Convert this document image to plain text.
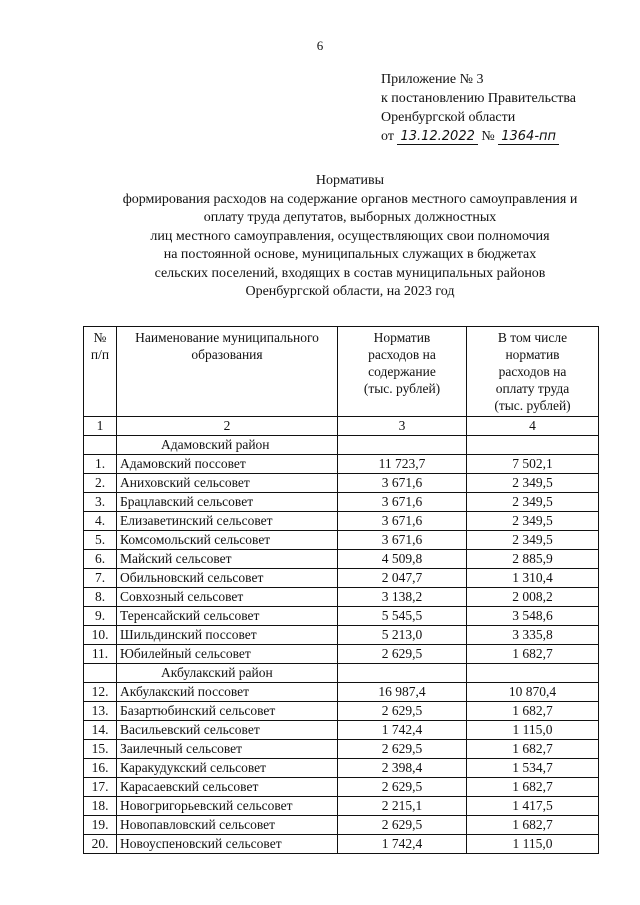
6
Приложение № 3
к постановлению Правительства
Оренбургской области
от 13.12.2022 № 1364-пп
Нормативы
формирования расходов на содержание органов местного самоуправления и
оплату труда депутатов, выборных должностных
лиц местного самоуправления, осуществляющих свои полномочия
на постоянной основе, муниципальных служащих в бюджетах
сельских поселений, входящих в состав муниципальных районов
Оренбургской области, на 2023 год
№ п/п	Наименование муниципального образования	Норматив расходов на содержание (тыс. рублей)	В том числе норматив расходов на оплату труда (тыс. рублей)
1	2	3	4
	Адамовский район		
1.	Адамовский поссовет	11 723,7	7 502,1
2.	Аниховский сельсовет	3 671,6	2 349,5
3.	Брацлавский сельсовет	3 671,6	2 349,5
4.	Елизаветинский сельсовет	3 671,6	2 349,5
5.	Комсомольский сельсовет	3 671,6	2 349,5
6.	Майский сельсовет	4 509,8	2 885,9
7.	Обильновский сельсовет	2 047,7	1 310,4
8.	Совхозный сельсовет	3 138,2	2 008,2
9.	Теренсайский сельсовет	5 545,5	3 548,6
10.	Шильдинский поссовет	5 213,0	3 335,8
11.	Юбилейный сельсовет	2 629,5	1 682,7
	Акбулакский район		
12.	Акбулакский поссовет	16 987,4	10 870,4
13.	Базартюбинский сельсовет	2 629,5	1 682,7
14.	Васильевский сельсовет	1 742,4	1 115,0
15.	Заилечный сельсовет	2 629,5	1 682,7
16.	Каракудукский сельсовет	2 398,4	1 534,7
17.	Карасаевский сельсовет	2 629,5	1 682,7
18.	Новогригорьевский сельсовет	2 215,1	1 417,5
19.	Новопавловский сельсовет	2 629,5	1 682,7
20.	Новоуспеновский сельсовет	1 742,4	1 115,0
